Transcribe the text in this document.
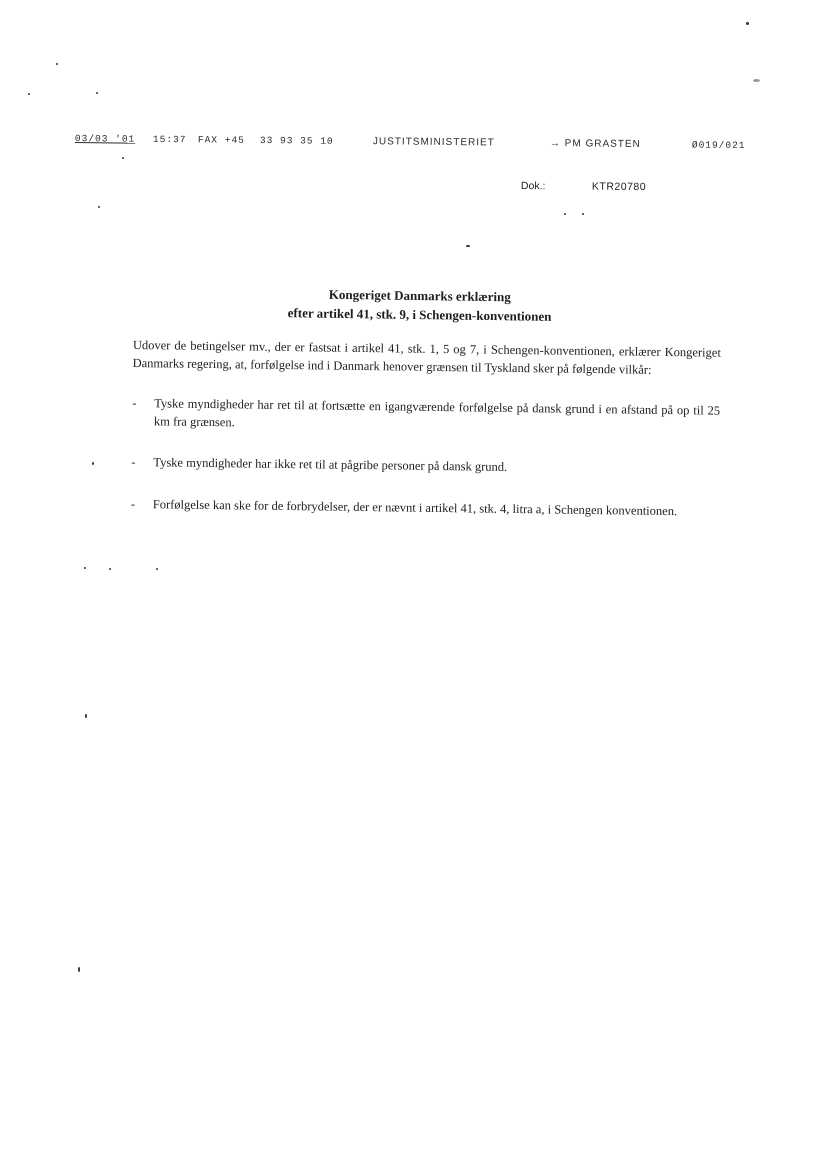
03/03 '01 15:37 FAX +45 33 93 35 10	JUSTITSMINISTERIET	→ PM GRASTEN	Ø019/021
Dok.:	KTR20780
Kongeriget Danmarks erklæring
efter artikel 41, stk. 9, i Schengen-konventionen

Udover de betingelser mv., der er fastsat i artikel 41, stk. 1, 5 og 7, i Schengen-konventionen, erklærer Kongeriget Danmarks regering, at, forfølgelse ind i Danmark henover grænsen til Tyskland sker på følgende vilkår:

- Tyske myndigheder har ret til at fortsætte en igangværende forfølgelse på dansk grund i en afstand på op til 25 km fra grænsen.
- Tyske myndigheder har ikke ret til at pågribe personer på dansk grund.
- Forfølgelse kan ske for de forbrydelser, der er nævnt i artikel 41, stk. 4, litra a, i Schengen konventionen.
